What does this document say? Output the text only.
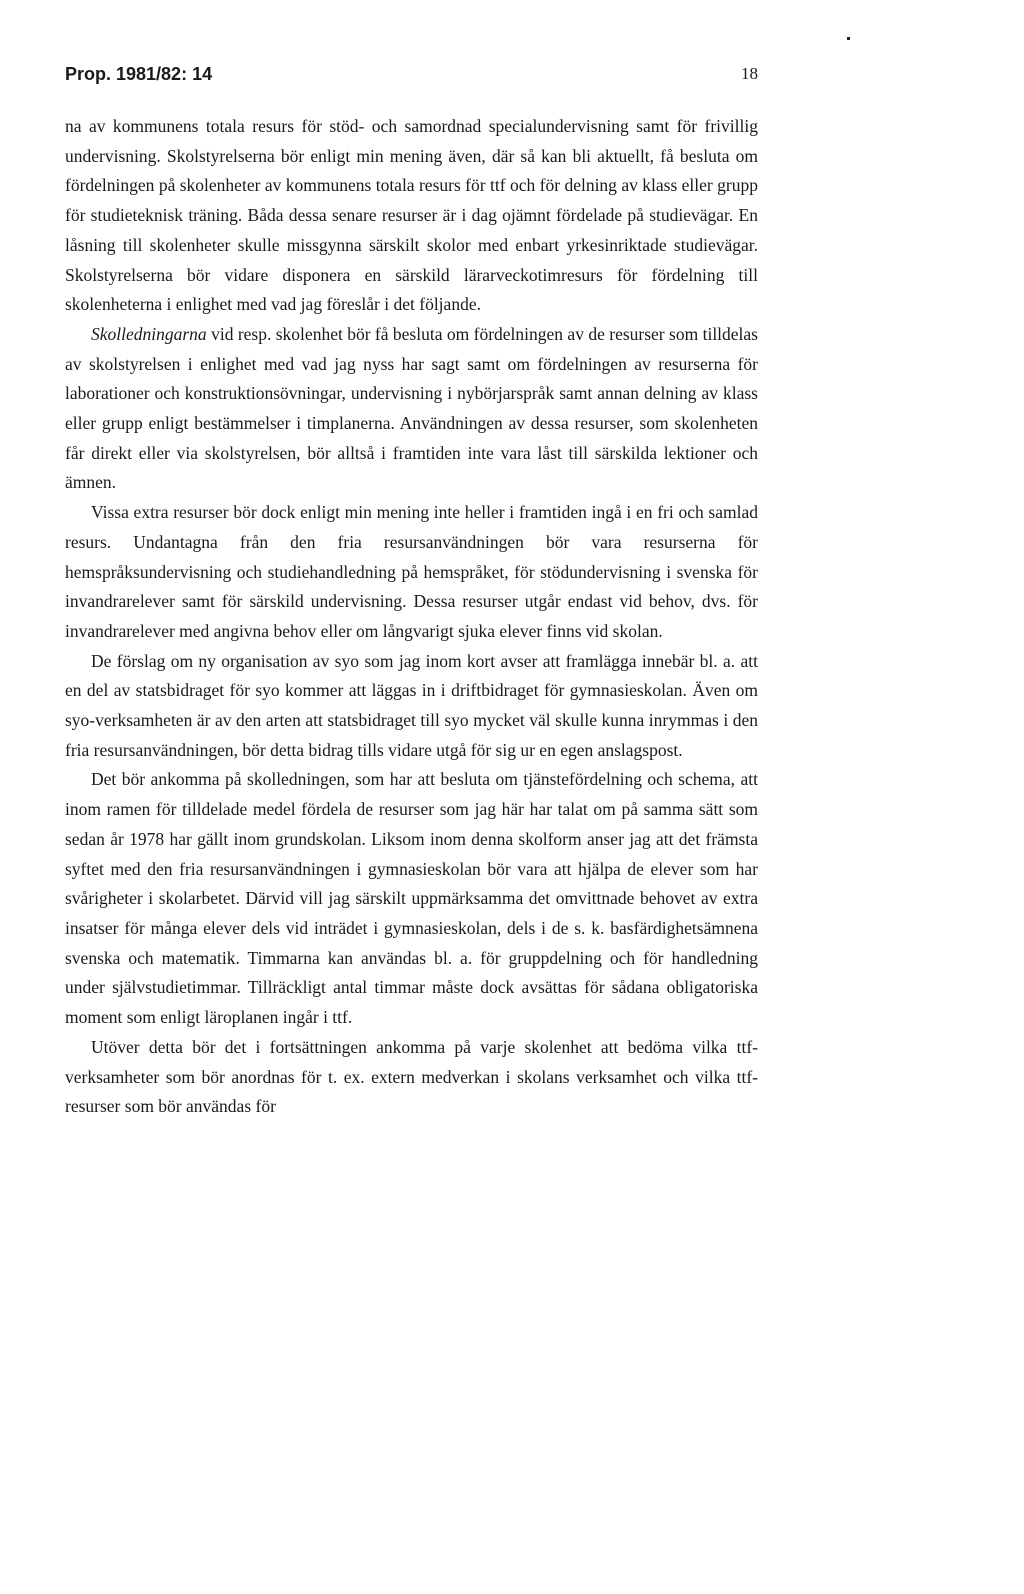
Prop. 1981/82: 14	18

na av kommunens totala resurs för stöd- och samordnad specialundervisning samt för frivillig undervisning. Skolstyrelserna bör enligt min mening även, där så kan bli aktuellt, få besluta om fördelningen på skolenheter av kommunens totala resurs för ttf och för delning av klass eller grupp för studieteknisk träning. Båda dessa senare resurser är i dag ojämnt fördelade på studievägar. En låsning till skolenheter skulle missgynna särskilt skolor med enbart yrkesinriktade studievägar. Skolstyrelserna bör vidare disponera en särskild lärarveckotimresurs för fördelning till skolenheterna i enlighet med vad jag föreslår i det följande.

Skolledningarna vid resp. skolenhet bör få besluta om fördelningen av de resurser som tilldelas av skolstyrelsen i enlighet med vad jag nyss har sagt samt om fördelningen av resurserna för laborationer och konstruktionsövningar, undervisning i nybörjarspråk samt annan delning av klass eller grupp enligt bestämmelser i timplanerna. Användningen av dessa resurser, som skolenheten får direkt eller via skolstyrelsen, bör alltså i framtiden inte vara låst till särskilda lektioner och ämnen.

Vissa extra resurser bör dock enligt min mening inte heller i framtiden ingå i en fri och samlad resurs. Undantagna från den fria resursanvändningen bör vara resurserna för hemspråksundervisning och studiehandledning på hemspråket, för stödundervisning i svenska för invandrarelever samt för särskild undervisning. Dessa resurser utgår endast vid behov, dvs. för invandrarelever med angivna behov eller om långvarigt sjuka elever finns vid skolan.

De förslag om ny organisation av syo som jag inom kort avser att framlägga innebär bl. a. att en del av statsbidraget för syo kommer att läggas in i driftbidraget för gymnasieskolan. Även om syo-verksamheten är av den arten att statsbidraget till syo mycket väl skulle kunna inrymmas i den fria resursanvändningen, bör detta bidrag tills vidare utgå för sig ur en egen anslagspost.

Det bör ankomma på skolledningen, som har att besluta om tjänstefördelning och schema, att inom ramen för tilldelade medel fördela de resurser som jag här har talat om på samma sätt som sedan år 1978 har gällt inom grundskolan. Liksom inom denna skolform anser jag att det främsta syftet med den fria resursanvändningen i gymnasieskolan bör vara att hjälpa de elever som har svårigheter i skolarbetet. Därvid vill jag särskilt uppmärksamma det omvittnade behovet av extra insatser för många elever dels vid inträdet i gymnasieskolan, dels i de s. k. basfärdighetsämnena svenska och matematik. Timmarna kan användas bl. a. för gruppdelning och för handledning under självstudietimmar. Tillräckligt antal timmar måste dock avsättas för sådana obligatoriska moment som enligt läroplanen ingår i ttf.

Utöver detta bör det i fortsättningen ankomma på varje skolenhet att bedöma vilka ttf-verksamheter som bör anordnas för t. ex. extern medverkan i skolans verksamhet och vilka ttf-resurser som bör användas för
